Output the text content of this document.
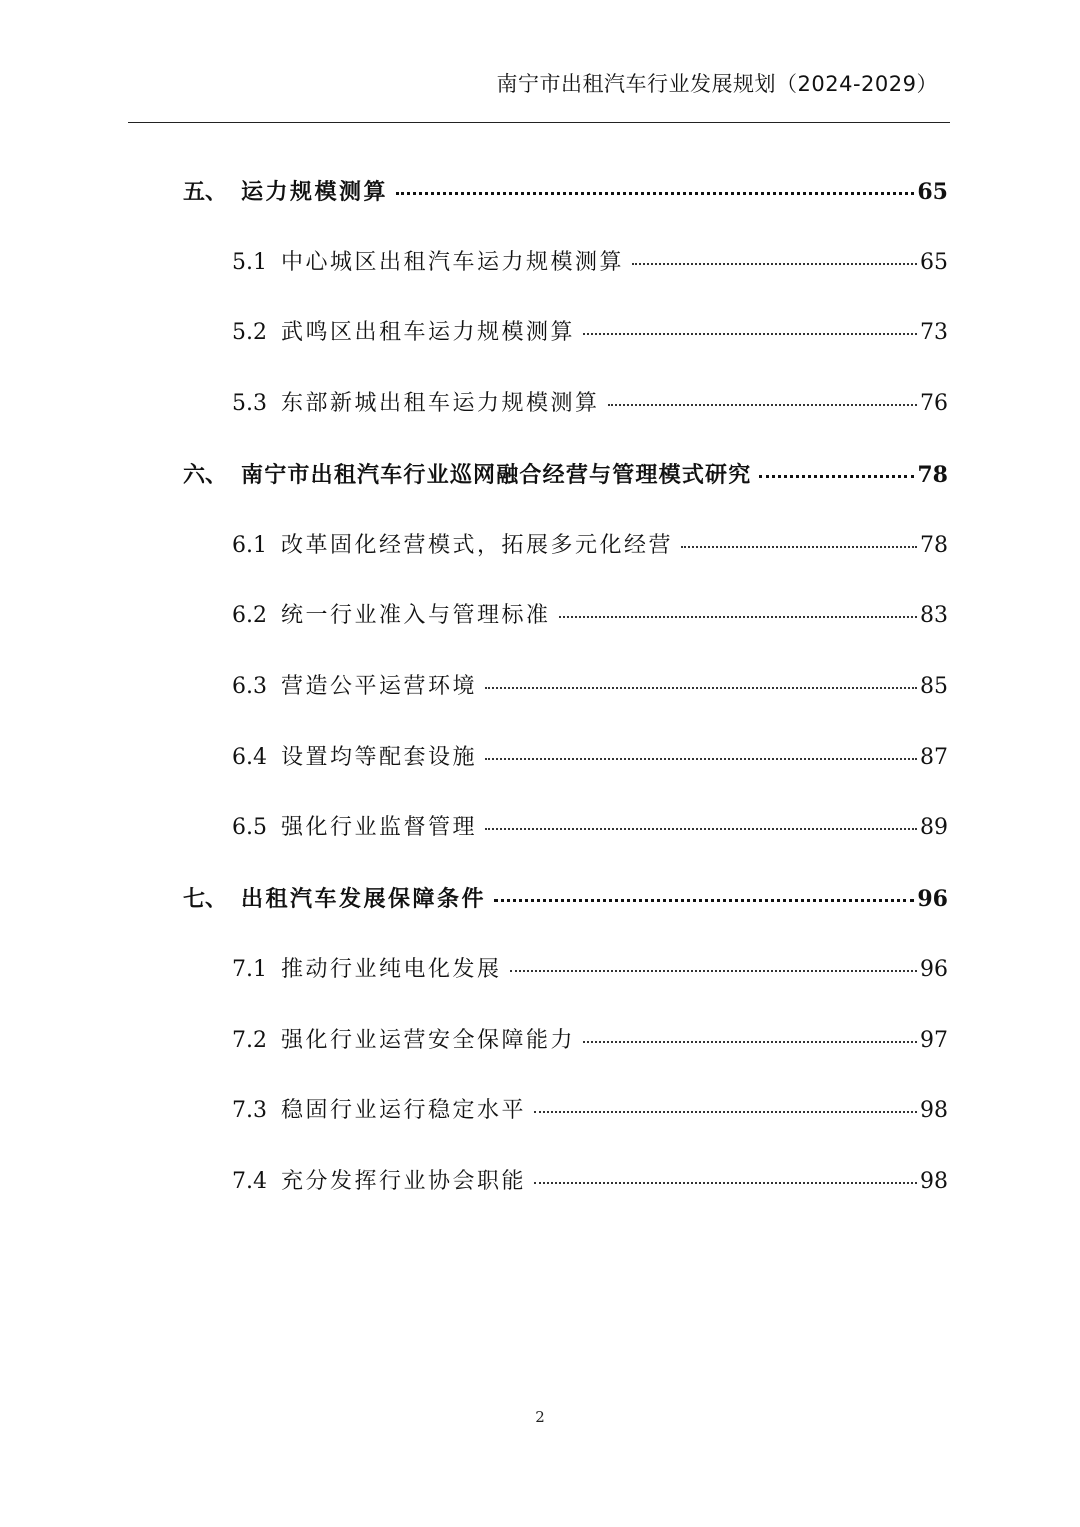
南宁市出租汽车行业发展规划（2024-2029）
五、 运力规模测算	65
5.1 中心城区出租汽车运力规模测算	65
5.2 武鸣区出租车运力规模测算	73
5.3 东部新城出租车运力规模测算	76
六、 南宁市出租汽车行业巡网融合经营与管理模式研究	78
6.1 改革固化经营模式，拓展多元化经营	78
6.2 统一行业准入与管理标准	83
6.3 营造公平运营环境	85
6.4 设置均等配套设施	87
6.5 强化行业监督管理	89
七、 出租汽车发展保障条件	96
7.1 推动行业纯电化发展	96
7.2 强化行业运营安全保障能力	97
7.3 稳固行业运行稳定水平	98
7.4 充分发挥行业协会职能	98
2
